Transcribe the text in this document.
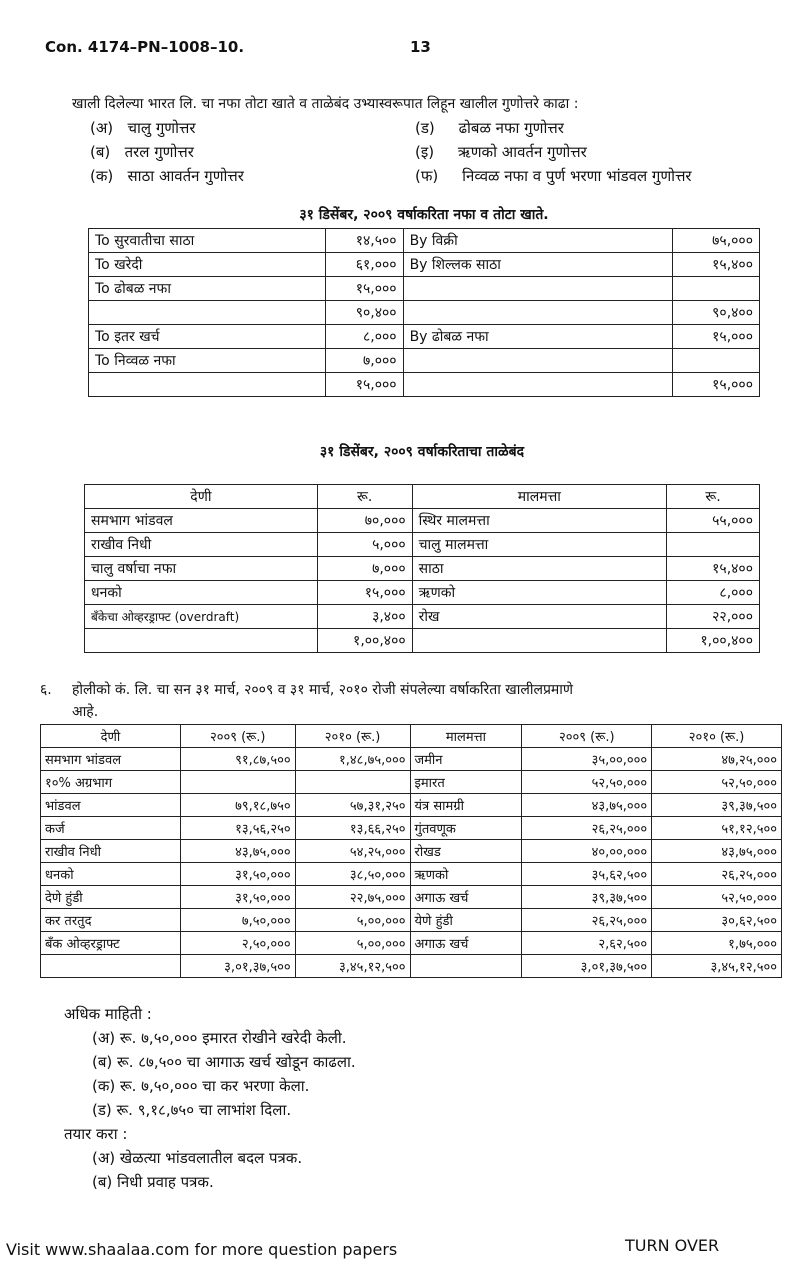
Con. 4174–PN–1008–10.	13
खाली दिलेल्या भारत लि. चा नफा तोटा खाते व ताळेबंद उभ्यास्वरूपात लिहून खालील गुणोत्तरे काढा :
(अ) चालु गुणोत्तर	(ड) ढोबळ नफा गुणोत्तर
(ब) तरल गुणोत्तर	(इ) ऋणको आवर्तन गुणोत्तर
(क) साठा आवर्तन गुणोत्तर	(फ) निव्वळ नफा व पुर्ण भरणा भांडवल गुणोत्तर
३१ डिसेंबर, २००९ वर्षाकरिता नफा व तोटा खाते.
To सुरवातीचा साठा	१४,५००	By विक्री	७५,०००
To खरेदी	६१,०००	By शिल्लक साठा	१५,४००
To ढोबळ नफा	१५,०००		
	९०,४००		९०,४००
To इतर खर्च	८,०००	By ढोबळ नफा	१५,०००
To निव्वळ नफा	७,०००		
	१५,०००		१५,०००
३१ डिसेंबर, २००९ वर्षाकरिताचा ताळेबंद
देणी	रू.	मालमत्ता	रू.
समभाग भांडवल	७०,०००	स्थिर मालमत्ता	५५,०००
राखीव निधी	५,०००	चालु मालमत्ता	
चालु वर्षाचा नफा	७,०००	साठा	१५,४००
धनको	१५,०००	ऋणको	८,०००
बँकेचा ओव्हरड्राफ्ट (overdraft)	३,४००	रोख	२२,०००
	१,००,४००		१,००,४००
६. होलीको कं. लि. चा सन ३१ मार्च, २००९ व ३१ मार्च, २०१० रोजी संपलेल्या वर्षाकरिता खालीलप्रमाणे
आहे.
देणी	२००९ (रू.)	२०१० (रू.)	मालमत्ता	२००९ (रू.)	२०१० (रू.)
समभाग भांडवल	९१,८७,५००	१,४८,७५,०००	जमीन	३५,००,०००	४७,२५,०००
१०% अग्रभाग			इमारत	५२,५०,०००	५२,५०,०००
भांडवल	७९,१८,७५०	५७,३१,२५०	यंत्र सामग्री	४३,७५,०००	३९,३७,५००
कर्ज	१३,५६,२५०	१३,६६,२५०	गुंतवणूक	२६,२५,०००	५१,१२,५००
राखीव निधी	४३,७५,०००	५४,२५,०००	रोखड	४०,००,०००	४३,७५,०००
धनको	३१,५०,०००	३८,५०,०००	ऋणको	३५,६२,५००	२६,२५,०००
देणे हुंडी	३१,५०,०००	२२,७५,०००	अगाऊ खर्च	३९,३७,५००	५२,५०,०००
कर तरतुद	७,५०,०००	५,००,०००	येणे हुंडी	२६,२५,०००	३०,६२,५००
बँक ओव्हरड्राफ्ट	२,५०,०००	५,००,०००	अगाऊ खर्च	२,६२,५००	१,७५,०००
	३,०१,३७,५००	३,४५,१२,५००		३,०१,३७,५००	३,४५,१२,५००
अधिक माहिती :
(अ) रू. ७,५०,००० इमारत रोखीने खरेदी केली.
(ब) रू. ८७,५०० चा आगाऊ खर्च खोडून काढला.
(क) रू. ७,५०,००० चा कर भरणा केला.
(ड) रू. ९,१८,७५० चा लाभांश दिला.
तयार करा :
(अ) खेळत्या भांडवलातील बदल पत्रक.
(ब) निधी प्रवाह पत्रक.
Visit www.shaalaa.com for more question papers	TURN OVER
